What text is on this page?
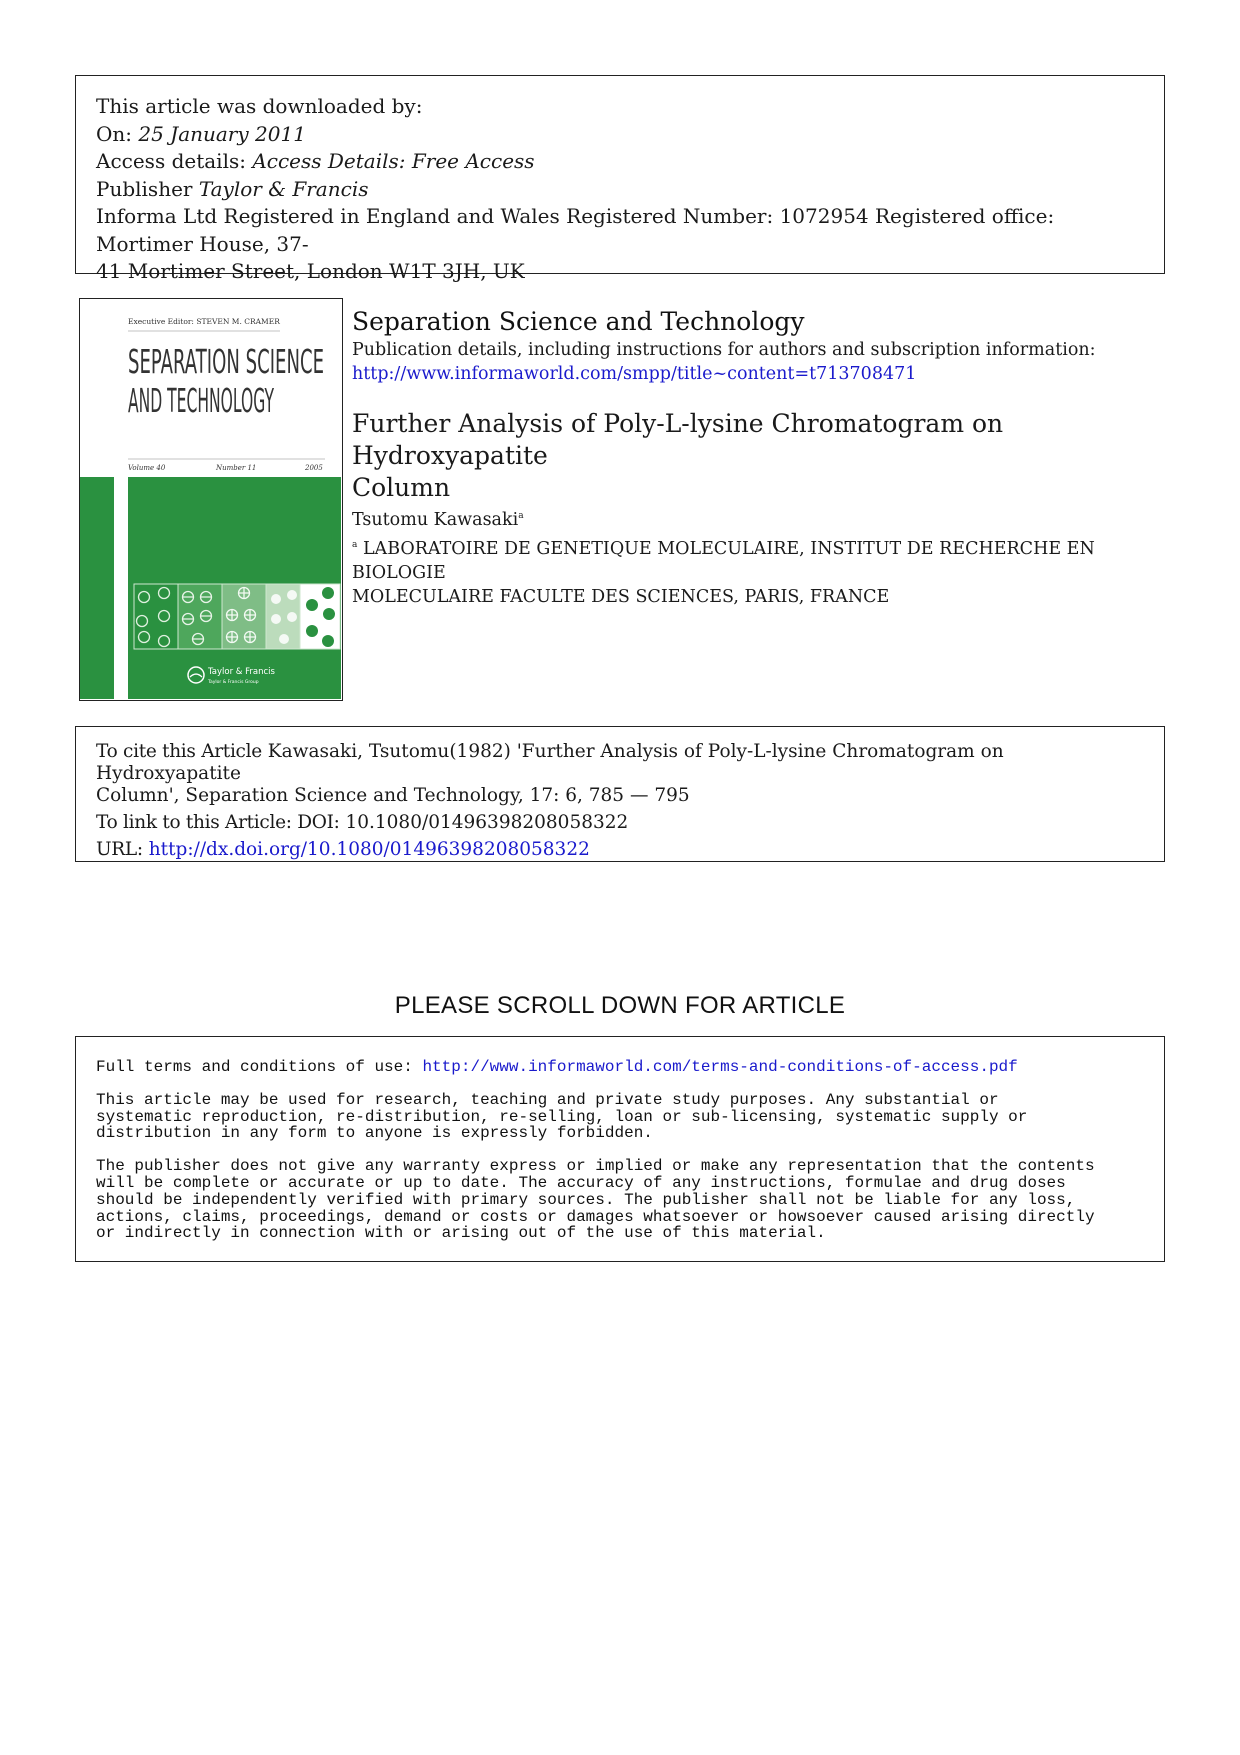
This article was downloaded by:
On: 25 January 2011
Access details: Access Details: Free Access
Publisher Taylor & Francis
Informa Ltd Registered in England and Wales Registered Number: 1072954 Registered office: Mortimer House, 37-
41 Mortimer Street, London W1T 3JH, UK
Executive Editor: STEVEN M. CRAMER
SEPARATION SCIENCE
AND TECHNOLOGY
Volume 40	Number 11	2005
Taylor & Francis
Taylor & Francis Group
Separation Science and Technology
Publication details, including instructions for authors and subscription information:
http://www.informaworld.com/smpp/title~content=t713708471
Further Analysis of Poly-L-lysine Chromatogram on Hydroxyapatite
Column
Tsutomu Kawasaki$^a$
$^a$ LABORATOIRE DE GENETIQUE MOLECULAIRE, INSTITUT DE RECHERCHE EN BIOLOGIE
MOLECULAIRE FACULTE DES SCIENCES, PARIS, FRANCE

To cite this Article Kawasaki, Tsutomu(1982) 'Further Analysis of Poly-L-lysine Chromatogram on Hydroxyapatite

Column', Separation Science and Technology, 17: 6, 785 — 795

To link to this Article: DOI: 10.1080/01496398208058322

URL: http://dx.doi.org/10.1080/01496398208058322

PLEASE SCROLL DOWN FOR ARTICLE

Full terms and conditions of use: http://www.informaworld.com/terms-and-conditions-of-access.pdf

This article may be used for research, teaching and private study purposes. Any substantial or
systematic reproduction, re-distribution, re-selling, loan or sub-licensing, systematic supply or
distribution in any form to anyone is expressly forbidden.

The publisher does not give any warranty express or implied or make any representation that the contents
will be complete or accurate or up to date. The accuracy of any instructions, formulae and drug doses
should be independently verified with primary sources. The publisher shall not be liable for any loss,
actions, claims, proceedings, demand or costs or damages whatsoever or howsoever caused arising directly
or indirectly in connection with or arising out of the use of this material.
